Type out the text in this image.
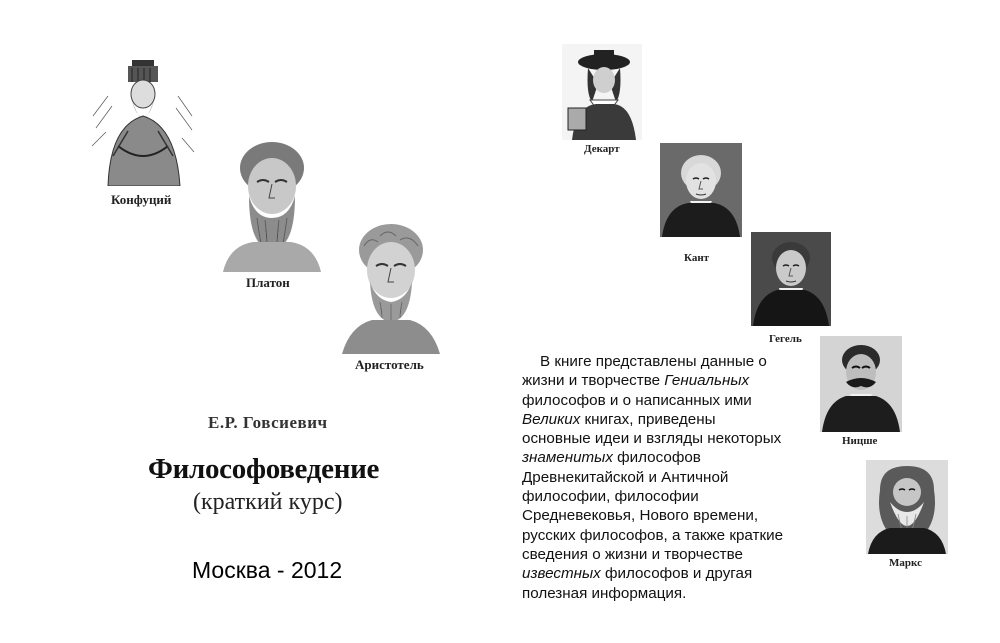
Конфуций
Платон
Аристотель
Декарт
Кант
Гегель
Ницше
Маркс
Е.Р. Говсиевич
Философоведение
(краткий курс)
Москва - 2012
В книге представлены данные о
жизни и творчестве Гениальных
философов и о написанных ими
Великих книгах, приведены
основные идеи и взгляды некоторых
знаменитых философов
Древнекитайской и Античной
философии, философии
Средневековья, Нового времени,
русских философов, а также краткие
сведения о жизни и творчестве
известных философов и другая
полезная информация.
